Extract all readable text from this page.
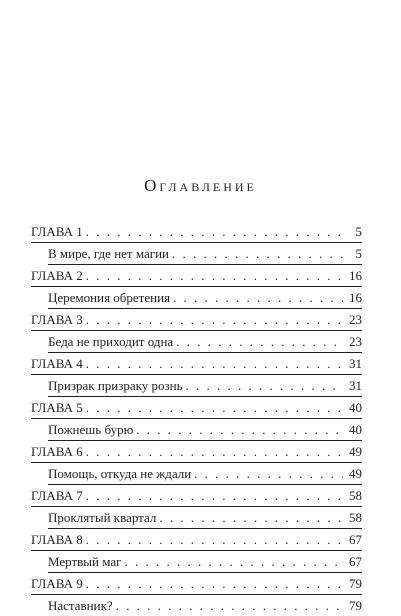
Оглавление
ГЛАВА 1 . . .	5
В мире, где нет магии . . .	5
ГЛАВА 2 . . .	16
Церемония обретения . . .	16
ГЛАВА 3 . . .	23
Беда не приходит одна . . .	23
ГЛАВА 4 . . .	31
Призрак призраку рознь . . .	31
ГЛАВА 5 . . .	40
Пожнешь бурю . . .	40
ГЛАВА 6 . . .	49
Помощь, откуда не ждали . . .	49
ГЛАВА 7 . . .	58
Проклятый квартал . . .	58
ГЛАВА 8 . . .	67
Мертвый маг . . .	67
ГЛАВА 9 . . .	79
Наставник? . . .	79
